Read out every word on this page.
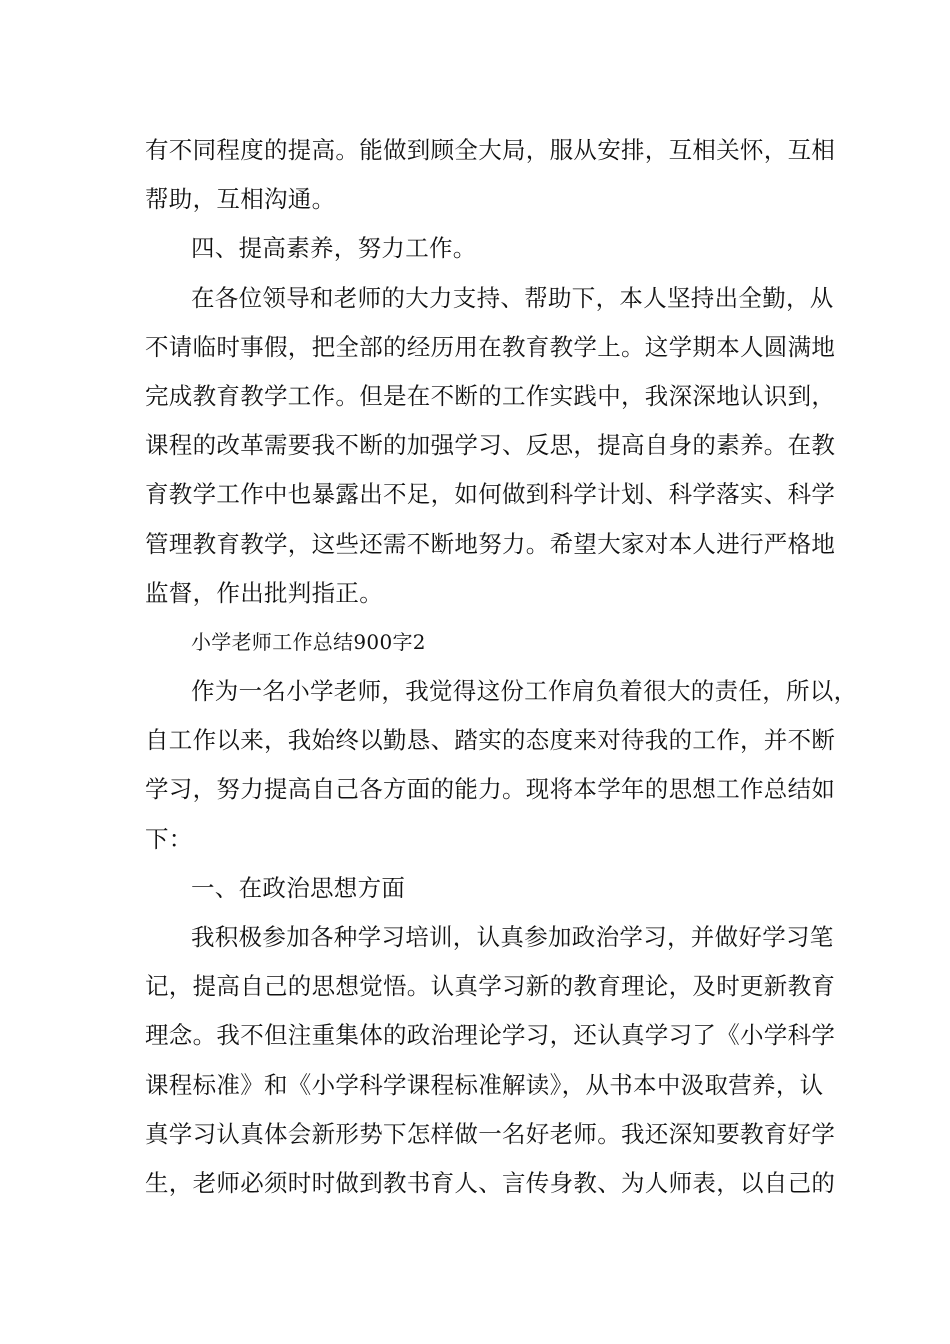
有不同程度的提高。能做到顾全大局，服从安排，互相关怀，互相
帮助，互相沟通。
四、提高素养，努力工作。
在各位领导和老师的大力支持、帮助下，本人坚持出全勤，从
不请临时事假，把全部的经历用在教育教学上。这学期本人圆满地
完成教育教学工作。但是在不断的工作实践中，我深深地认识到，
课程的改革需要我不断的加强学习、反思，提高自身的素养。在教
育教学工作中也暴露出不足，如何做到科学计划、科学落实、科学
管理教育教学，这些还需不断地努力。希望大家对本人进行严格地
监督，作出批判指正。
小学老师工作总结900字2
作为一名小学老师，我觉得这份工作肩负着很大的责任，所以，
自工作以来，我始终以勤恳、踏实的态度来对待我的工作，并不断
学习，努力提高自己各方面的能力。现将本学年的思想工作总结如
下：
一、在政治思想方面
我积极参加各种学习培训，认真参加政治学习，并做好学习笔
记，提高自己的思想觉悟。认真学习新的教育理论，及时更新教育
理念。我不但注重集体的政治理论学习，还认真学习了《小学科学
课程标准》和《小学科学课程标准解读》，从书本中汲取营养，认
真学习认真体会新形势下怎样做一名好老师。我还深知要教育好学
生，老师必须时时做到教书育人、言传身教、为人师表，以自己的
